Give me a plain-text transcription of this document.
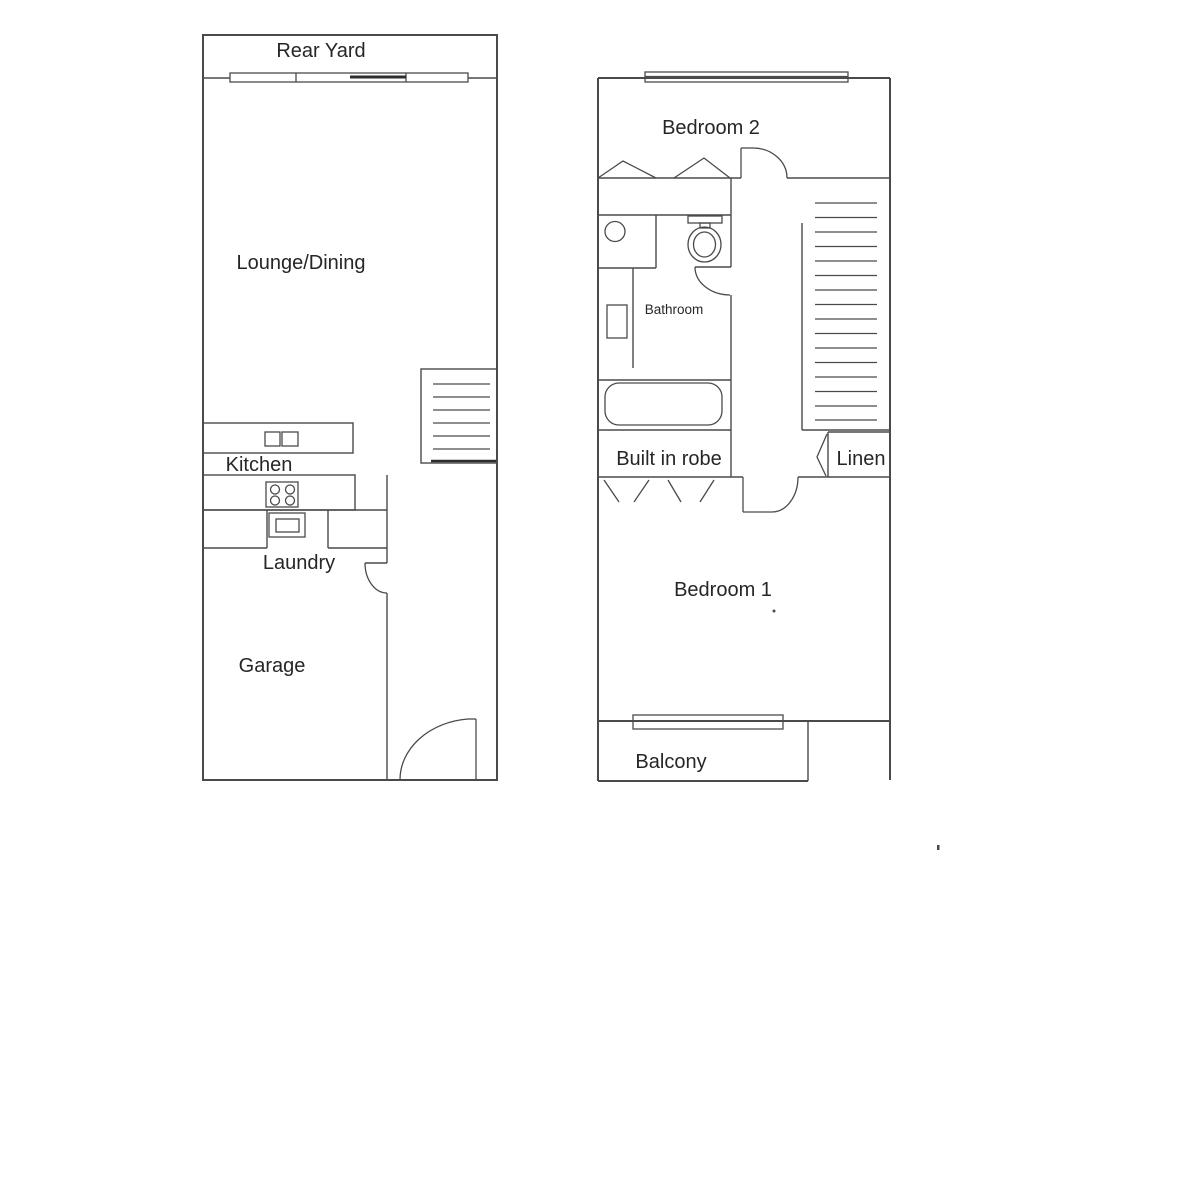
Rear Yard
Lounge/Dining
Kitchen
Laundry
Garage
Bedroom 2
Bathroom
Built in robe	Linen
Bedroom 1
Balcony
